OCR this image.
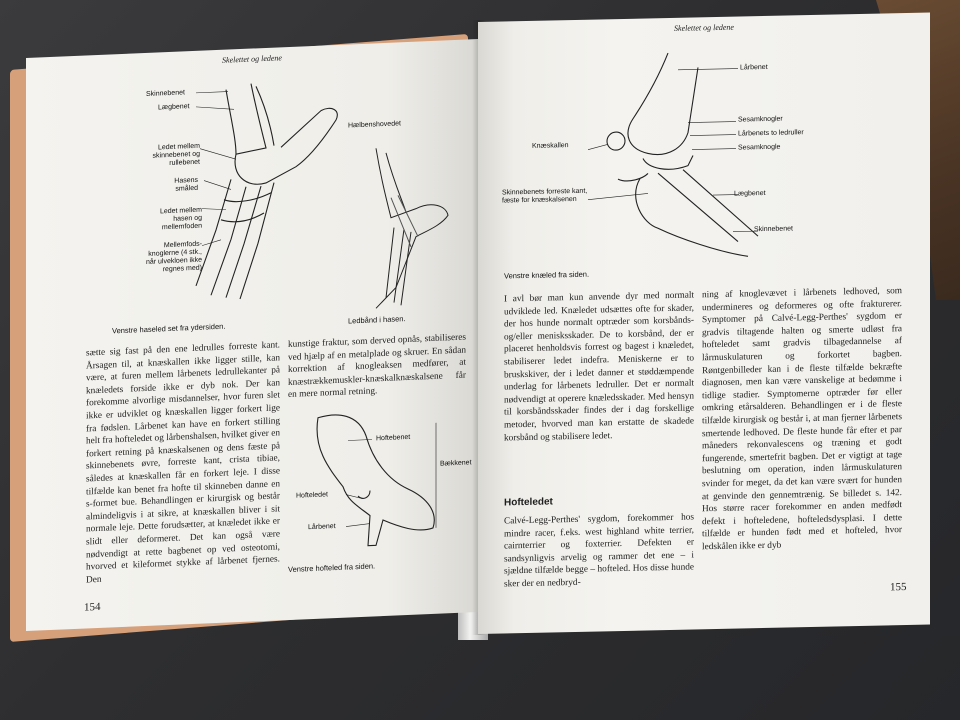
Skelettet og ledene
Skinnebenet
Lægbenet
Ledet mellem skinnebenet og rullebenet
Hasens småled
Ledet mellem hasen og mellemfoden
Mellemfods-knoglerne (4 stk., når ulvekloen ikke regnes med)
Venstre haseled set fra ydersiden.
Hælbenshovedet
Ledbånd i hasen.

sætte sig fast på den ene ledrulles forreste kant. Årsagen til, at knæskallen ikke ligger stille, kan være, at furen mellem lårbenets ledrullekanter på knæledets forside ikke er dyb nok. Der kan forekomme alvorlige misdannelser, hvor furen slet ikke er udviklet og knæskallen ligger forkert lige fra fødslen. Lårbenet kan have en forkert stilling helt fra hofteledet og lårbenshalsen, hvilket giver en forkert retning på knæskalsenen og dens fæste på skinnebenets øvre, forreste kant, crista tibiae, således at knæskallen får en forkert leje. I disse tilfælde kan benet fra hofte til skinneben danne en s-formet bue. Behandlingen er kirurgisk og består almindeligvis i at sikre, at knæskallen bliver i sit normale leje. Dette forudsætter, at knæledet ikke er slidt eller deformeret. Det kan også være nødvendigt at rette bagbenet op ved osteotomi, hvorved et kileformet stykke af lårbenet fjernes. Den

kunstige fraktur, som derved opnås, stabiliseres ved hjælp af en metalplade og skruer. En sådan korrektion af knogleaksen medfører, at knæstrækkemuskler-knæskalknæskalsene får en mere normal retning.

Hoftebenet
Hofteledet
Lårbenet
Bækkenet
Venstre hofteled fra siden.
154
Skelettet og ledene
Lårbenet
Sesamknogler
Lårbenets to ledruller
Sesamknogle
Knæskallen
Skinnebenets forreste kant, fæste for knæskalsenen
Lægbenet
Skinnebenet
Venstre knæled fra siden.

I avl bør man kun anvende dyr med normalt udviklede led. Knæledet udsættes ofte for skader, der hos hunde normalt optræder som korsbånds- og/eller menisksskader. De to korsbånd, der er placeret henholdsvis forrest og bagest i knæledet, stabiliserer ledet indefra. Meniskerne er to bruskskiver, der i ledet danner et støddæmpende underlag for lårbenets ledruller. Det er normalt nødvendigt at operere knæledsskader. Med hensyn til korsbåndsskader findes der i dag forskellige metoder, hvorved man kan erstatte de skadede korsbånd og stabilisere ledet.

Hofteledet

Calvé-Legg-Perthes' sygdom, forekommer hos mindre racer, f.eks. west highland white terrier, cairnterrier og foxterrier. Defekten er sandsynligvis arvelig og rammer det ene – i sjældne tilfælde begge – hofteled. Hos disse hunde sker der en nedbryd-

ning af knoglevævet i lårbenets ledhoved, som undermineres og deformeres og ofte frakturerer. Symptomer på Calvé-Legg-Perthes' sygdom er gradvis tiltagende halten og smerte udløst fra hofteledet samt gradvis tilbagedannelse af lårmuskulaturen og forkortet bagben. Røntgenbilleder kan i de fleste tilfælde bekræfte diagnosen, men kan være vanskelige at bedømme i tidlige stadier. Symptomerne optræder før eller omkring etårsalderen. Behandlingen er i de fleste tilfælde kirurgisk og består i, at man fjerner lårbenets smertende ledhoved. De fleste hunde får efter et par måneders rekonvalescens og træning et godt fungerende, smertefrit bagben. Det er vigtigt at tage beslutning om operation, inden lårmuskulaturen svinder for meget, da det kan være svært for hunden at genvinde den gennemtrænig. Se billedet s. 142. Hos større racer forekommer en anden medfødt defekt i hofteledene, hofteledsdysplasi. I dette tilfælde er hunden født med et hofteled, hvor ledskålen ikke er dyb

155
